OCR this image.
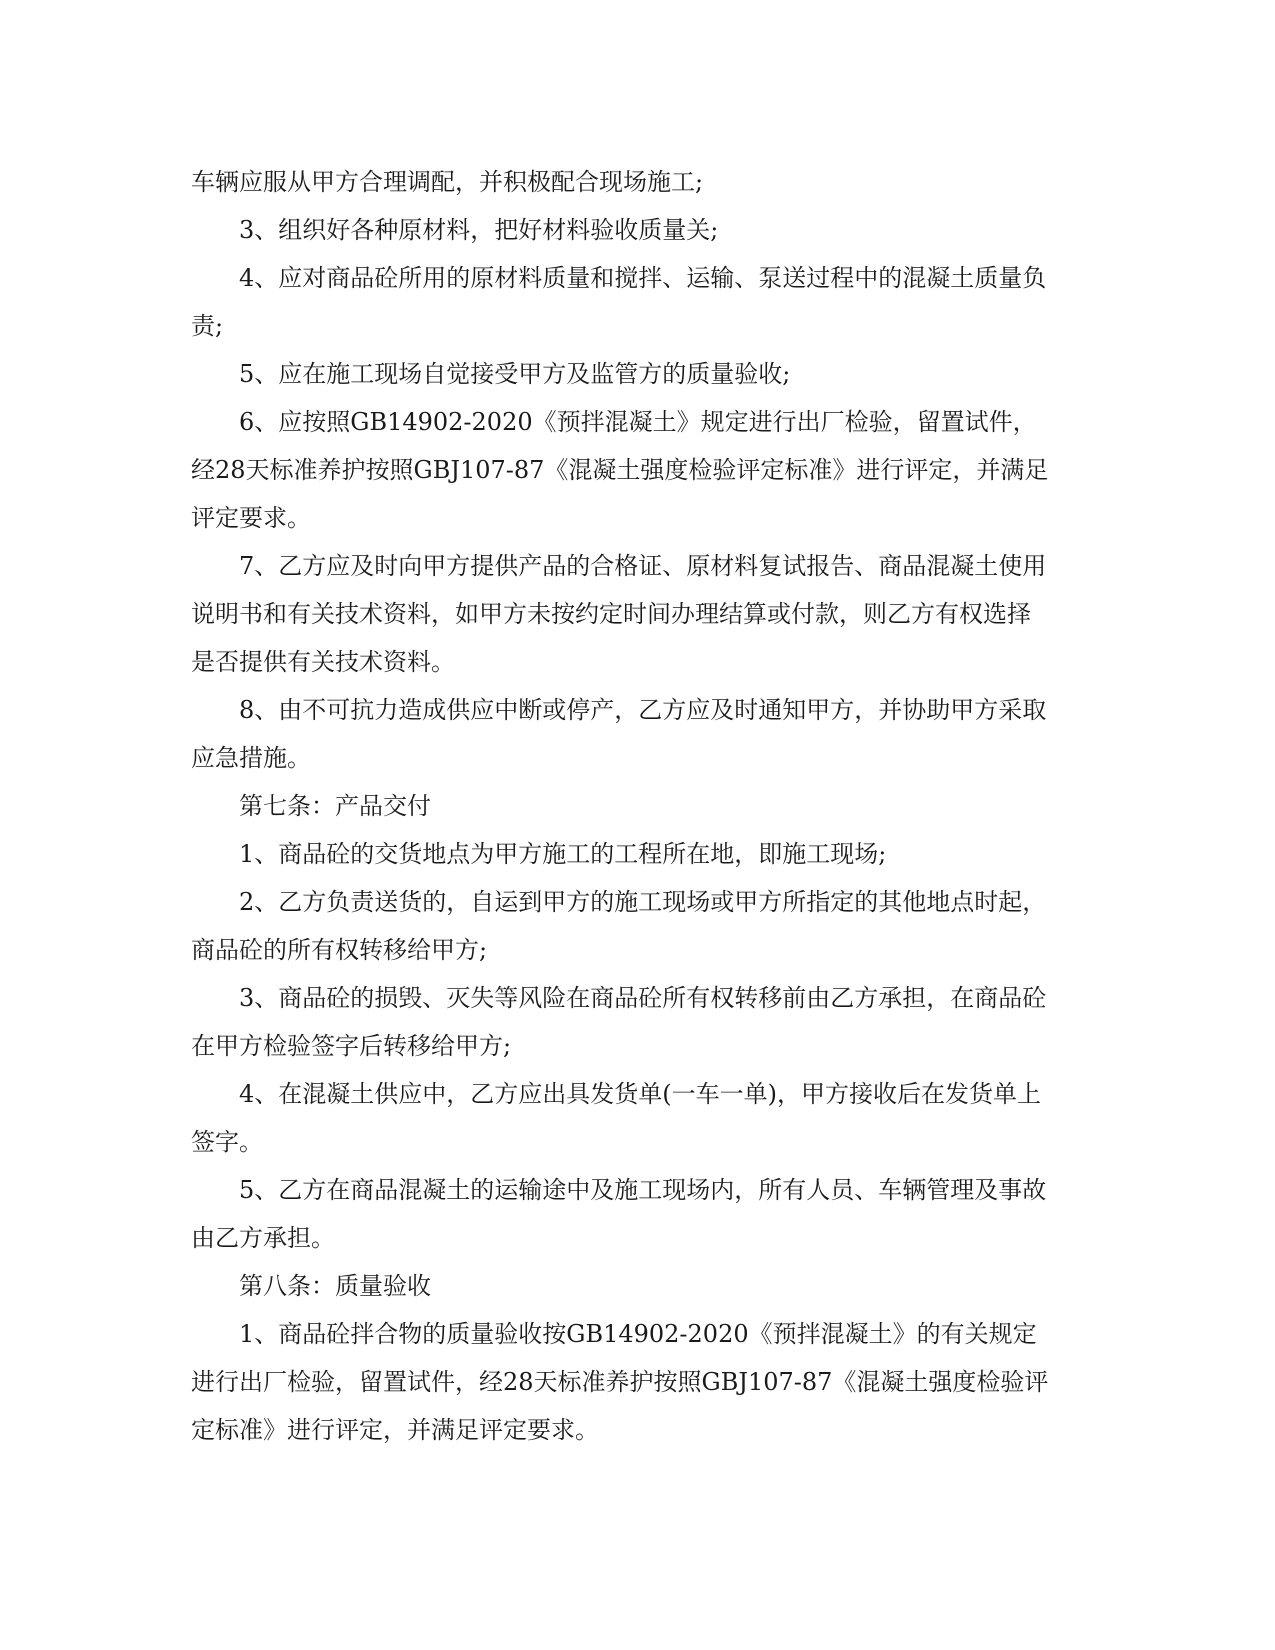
车辆应服从甲方合理调配，并积极配合现场施工;

3、组织好各种原材料，把好材料验收质量关;

4、应对商品砼所用的原材料质量和搅拌、运输、泵送过程中的混凝土质量负责;

5、应在施工现场自觉接受甲方及监管方的质量验收;

6、应按照GB14902-2020《预拌混凝土》规定进行出厂检验，留置试件，经28天标准养护按照GBJ107-87《混凝土强度检验评定标准》进行评定，并满足评定要求。

7、乙方应及时向甲方提供产品的合格证、原材料复试报告、商品混凝土使用说明书和有关技术资料，如甲方未按约定时间办理结算或付款，则乙方有权选择是否提供有关技术资料。

8、由不可抗力造成供应中断或停产，乙方应及时通知甲方，并协助甲方采取应急措施。

第七条：产品交付

1、商品砼的交货地点为甲方施工的工程所在地，即施工现场;

2、乙方负责送货的，自运到甲方的施工现场或甲方所指定的其他地点时起，商品砼的所有权转移给甲方;

3、商品砼的损毁、灭失等风险在商品砼所有权转移前由乙方承担，在商品砼在甲方检验签字后转移给甲方;

4、在混凝土供应中，乙方应出具发货单(一车一单)，甲方接收后在发货单上签字。

5、乙方在商品混凝土的运输途中及施工现场内，所有人员、车辆管理及事故由乙方承担。

第八条：质量验收

1、商品砼拌合物的质量验收按GB14902-2020《预拌混凝土》的有关规定进行出厂检验，留置试件，经28天标准养护按照GBJ107-87《混凝土强度检验评定标准》进行评定，并满足评定要求。
